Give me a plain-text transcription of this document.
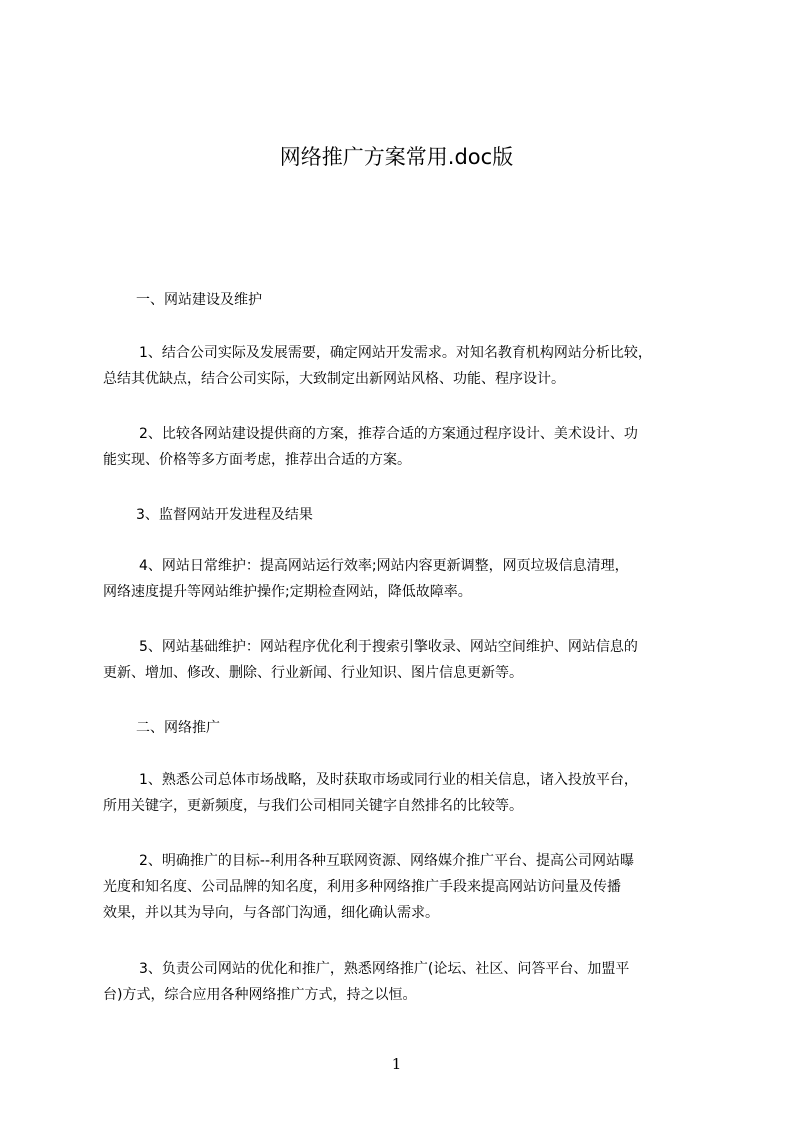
网络推广方案常用.doc版
一、网站建设及维护
1、结合公司实际及发展需要，确定网站开发需求。对知名教育机构网站分析比较，
总结其优缺点，结合公司实际，大致制定出新网站风格、功能、程序设计。
2、比较各网站建设提供商的方案，推荐合适的方案通过程序设计、美术设计、功
能实现、价格等多方面考虑，推荐出合适的方案。
3、监督网站开发进程及结果
4、网站日常维护：提高网站运行效率;网站内容更新调整，网页垃圾信息清理，
网络速度提升等网站维护操作;定期检查网站，降低故障率。
5、网站基础维护：网站程序优化利于搜索引擎收录、网站空间维护、网站信息的
更新、增加、修改、删除、行业新闻、行业知识、图片信息更新等。
二、网络推广
1、熟悉公司总体市场战略，及时获取市场或同行业的相关信息，诸入投放平台，
所用关键字，更新频度，与我们公司相同关键字自然排名的比较等。
2、明确推广的目标--利用各种互联网资源、网络媒介推广平台、提高公司网站曝
光度和知名度、公司品牌的知名度，利用多种网络推广手段来提高网站访问量及传播
效果，并以其为导向，与各部门沟通，细化确认需求。
3、负责公司网站的优化和推广，熟悉网络推广(论坛、社区、问答平台、加盟平
台)方式，综合应用各种网络推广方式，持之以恒。
1
